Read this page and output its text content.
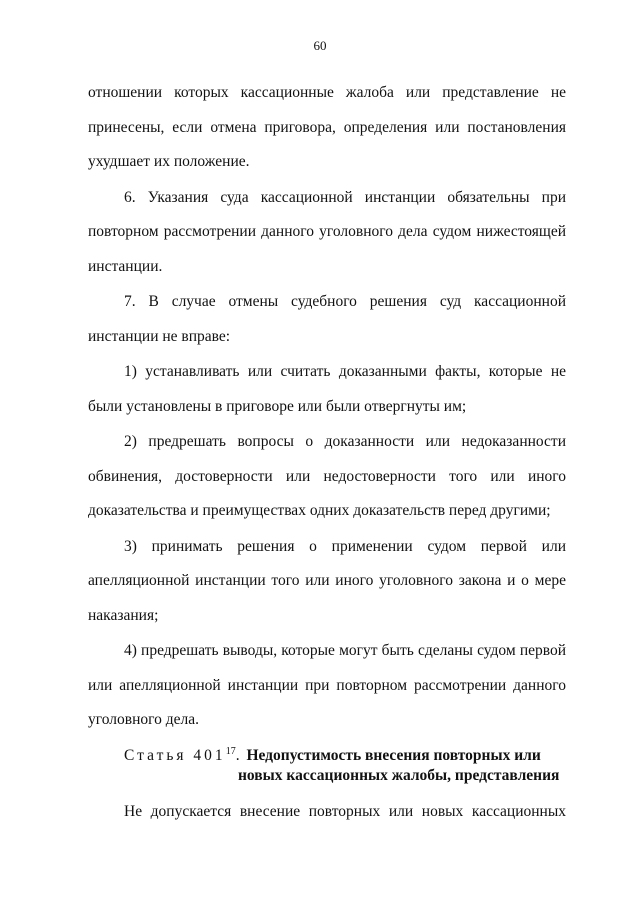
60

отношении которых кассационные жалоба или представление не принесены, если отмена приговора, определения или постановления ухудшает их положение.

6. Указания суда кассационной инстанции обязательны при повторном рассмотрении данного уголовного дела судом нижестоящей инстанции.

7. В случае отмены судебного решения суд кассационной инстанции не вправе:

1) устанавливать или считать доказанными факты, которые не были установлены в приговоре или были отвергнуты им;

2) предрешать вопросы о доказанности или недоказанности обвинения, достоверности или недостоверности того или иного доказательства и преимуществах одних доказательств перед другими;

3) принимать решения о применении судом первой или апелляционной инстанции того или иного уголовного закона и о мере наказания;

4) предрешать выводы, которые могут быть сделаны судом первой или апелляционной инстанции при повторном рассмотрении данного уголовного дела.

Статья $401^{17}$. Недопустимость внесения повторных или
новых кассационных жалобы, представления

Не допускается внесение повторных или новых кассационных
